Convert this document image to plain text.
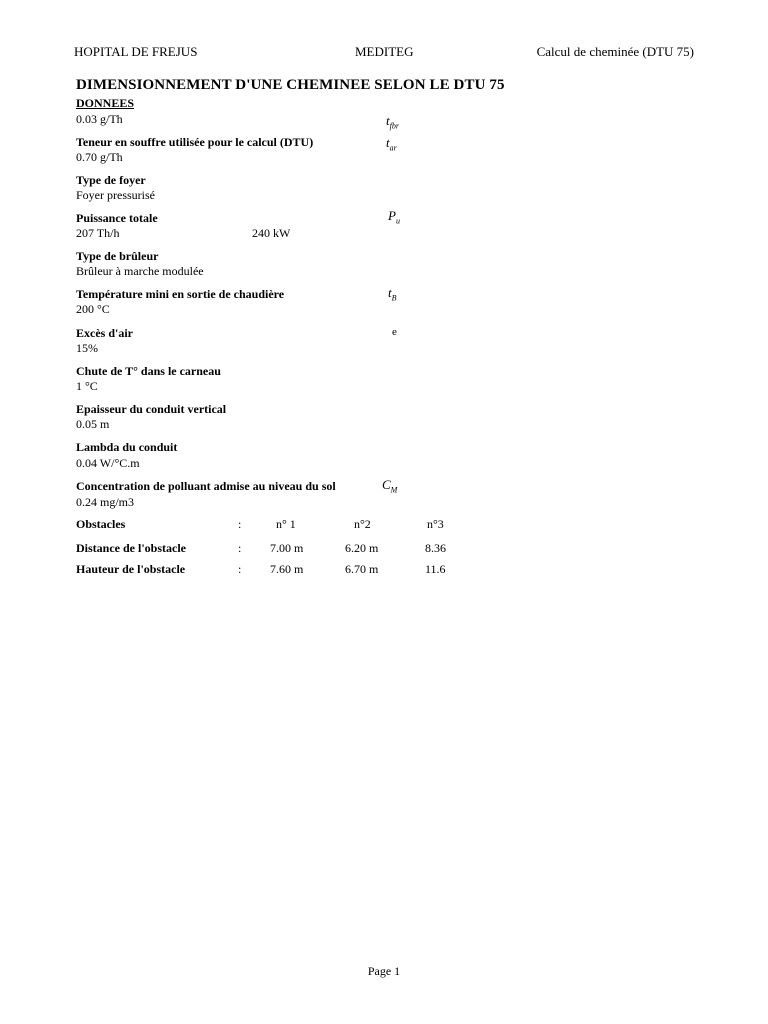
HOPITAL DE FREJUS	MEDITEG	Calcul de cheminée (DTU 75)
DIMENSIONNEMENT D'UNE CHEMINEE SELON LE DTU 75
DONNEES
0.03 g/Th	$t_{fbr}$
Teneur en souffre utilisée pour le calcul (DTU)
0.70 g/Th
$t_{ar}$
Type de foyer
Foyer pressurisé
Puissance totale
207 Th/h	240 kW
$P_u$
Type de brûleur
Brûleur à marche modulée
Température mini en sortie de chaudière
200 °C
$t_B$
Excès d'air
15%
e
Chute de T° dans le carneau
1 °C
Epaisseur du conduit vertical
0.05 m
Lambda du conduit
0.04 W/°C.m
Concentration de polluant admise au niveau du sol
0.24 mg/m3
$C_M$
Obstacles	:	n° 1	n°2	n°3
Distance de l'obstacle	: 7.00 m	6.20 m	8.36
Hauteur de l'obstacle	: 7.60 m	6.70 m	11.6
Page 1
